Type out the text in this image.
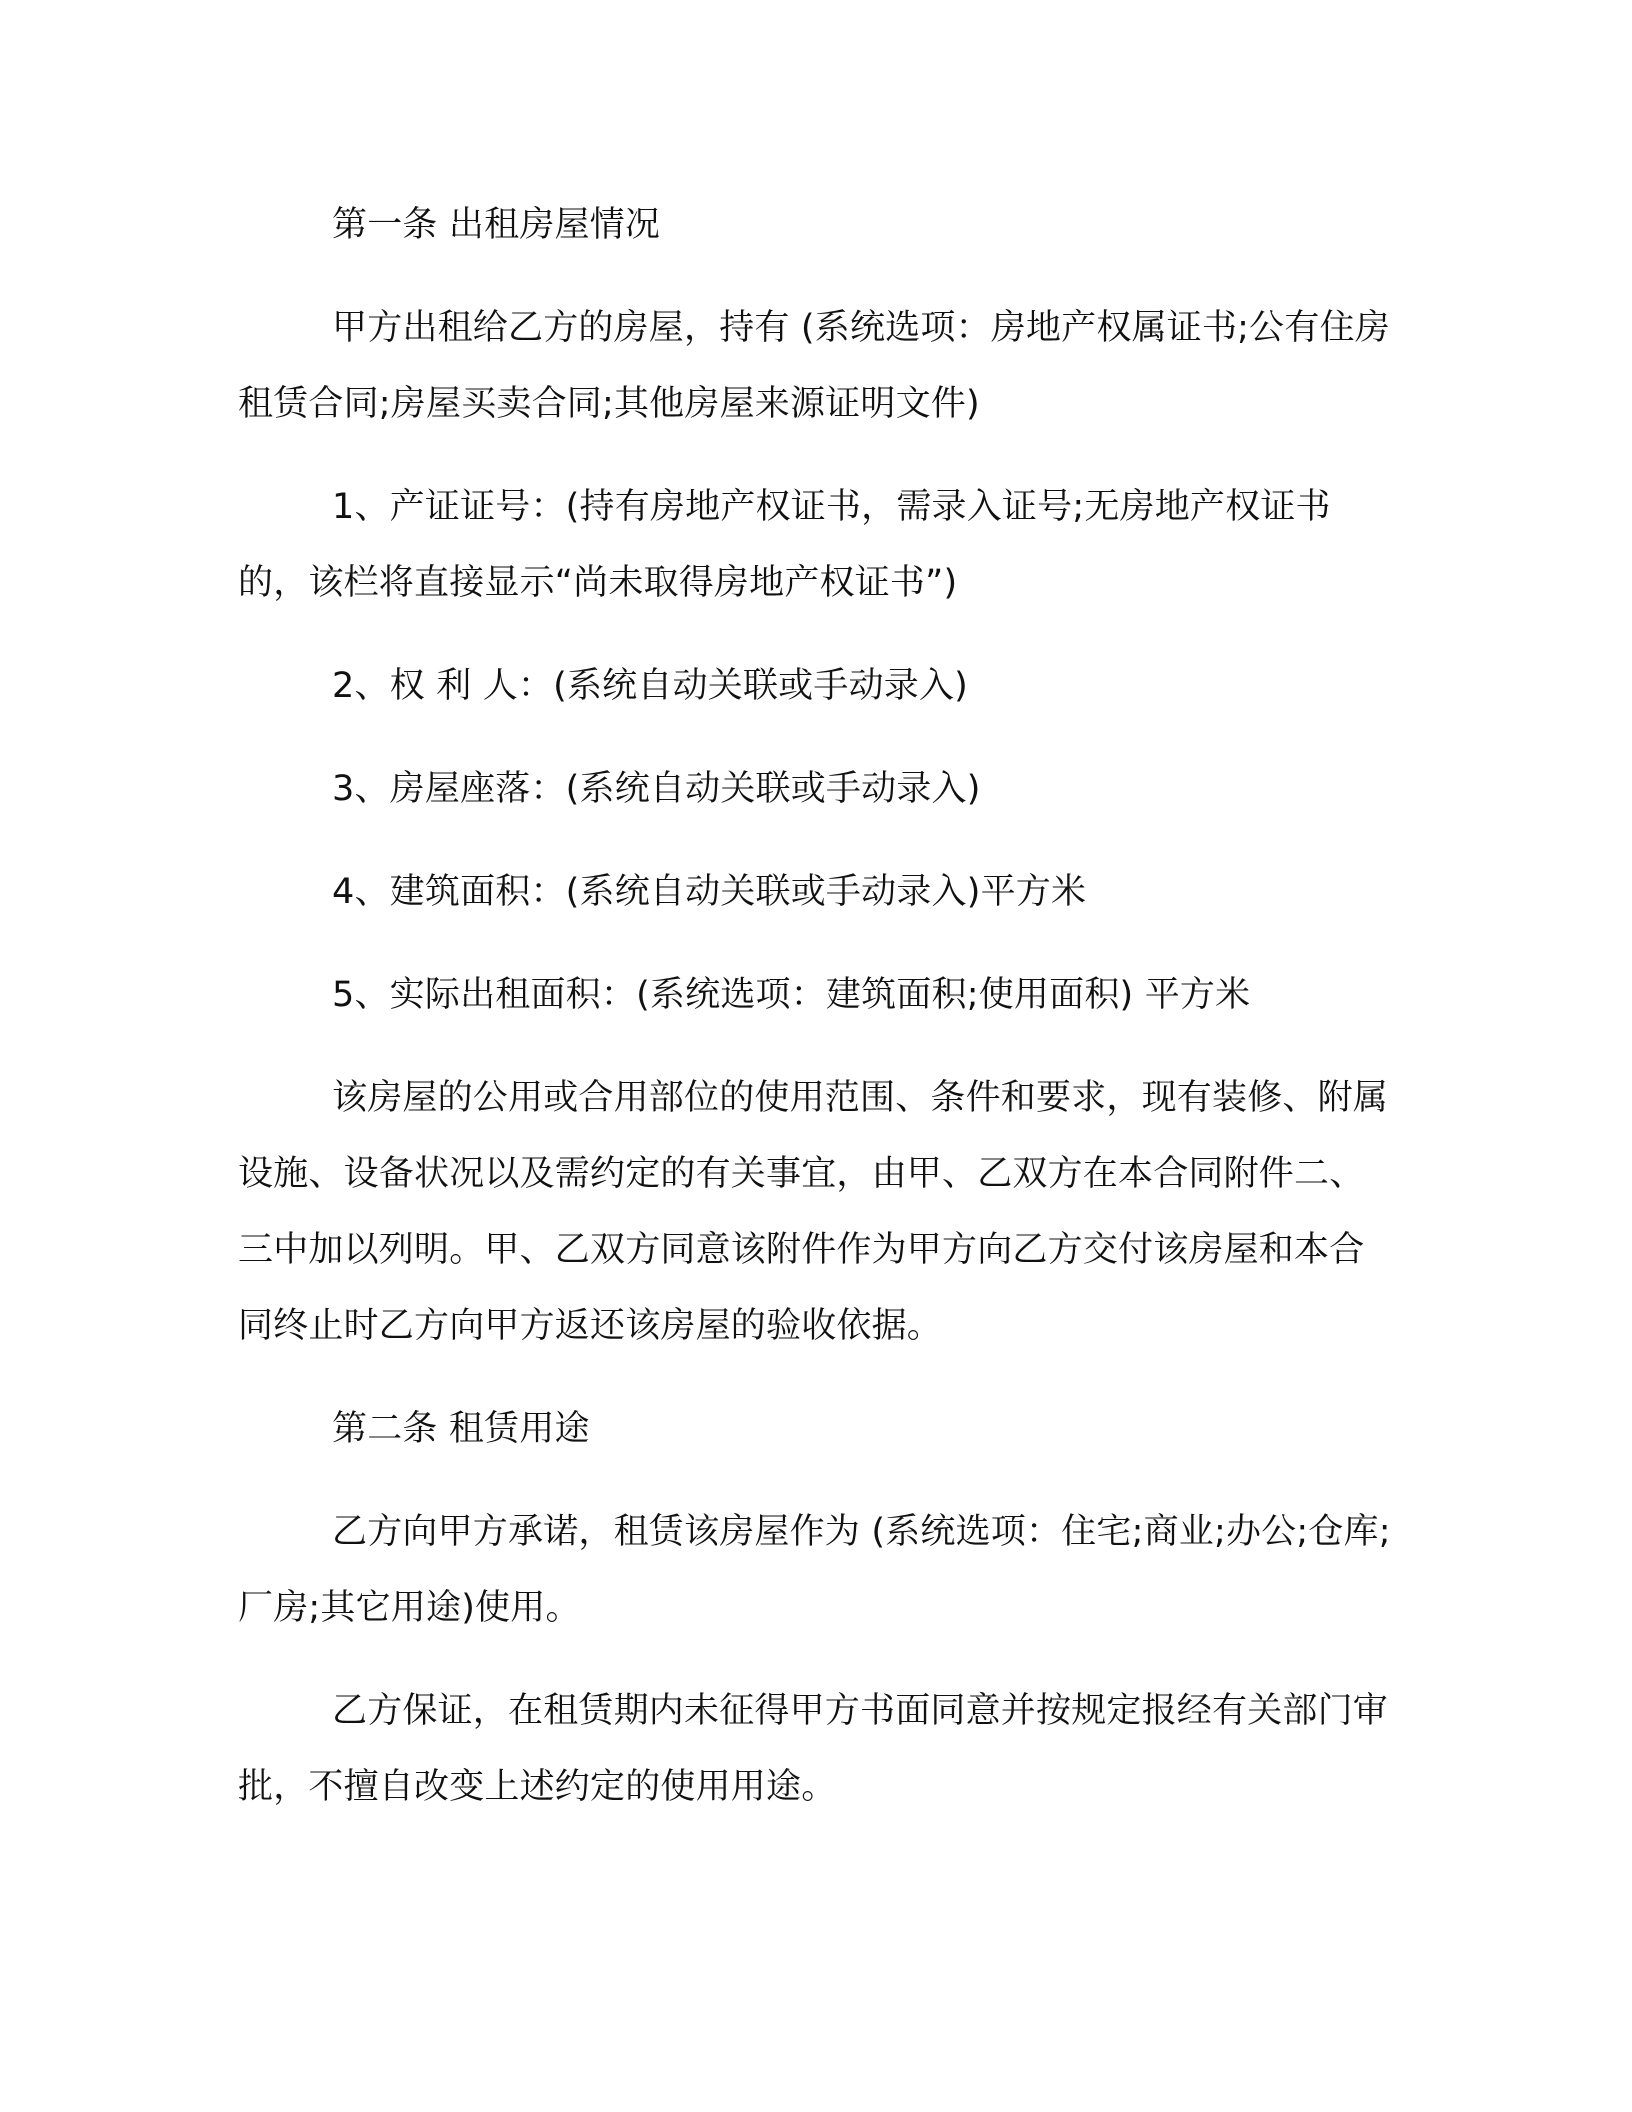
第一条 出租房屋情况

甲方出租给乙方的房屋，持有 (系统选项：房地产权属证书;公有住房租赁合同;房屋买卖合同;其他房屋来源证明文件)

1、产证证号：(持有房地产权证书，需录入证号;无房地产权证书的，该栏将直接显示“尚未取得房地产权证书”)

2、权 利 人：(系统自动关联或手动录入)

3、房屋座落：(系统自动关联或手动录入)

4、建筑面积：(系统自动关联或手动录入)平方米

5、实际出租面积：(系统选项：建筑面积;使用面积) 平方米

该房屋的公用或合用部位的使用范围、条件和要求，现有装修、附属设施、设备状况以及需约定的有关事宜，由甲、乙双方在本合同附件二、三中加以列明。甲、乙双方同意该附件作为甲方向乙方交付该房屋和本合同终止时乙方向甲方返还该房屋的验收依据。

第二条 租赁用途

乙方向甲方承诺，租赁该房屋作为 (系统选项：住宅;商业;办公;仓库;厂房;其它用途)使用。

乙方保证，在租赁期内未征得甲方书面同意并按规定报经有关部门审批，不擅自改变上述约定的使用用途。
